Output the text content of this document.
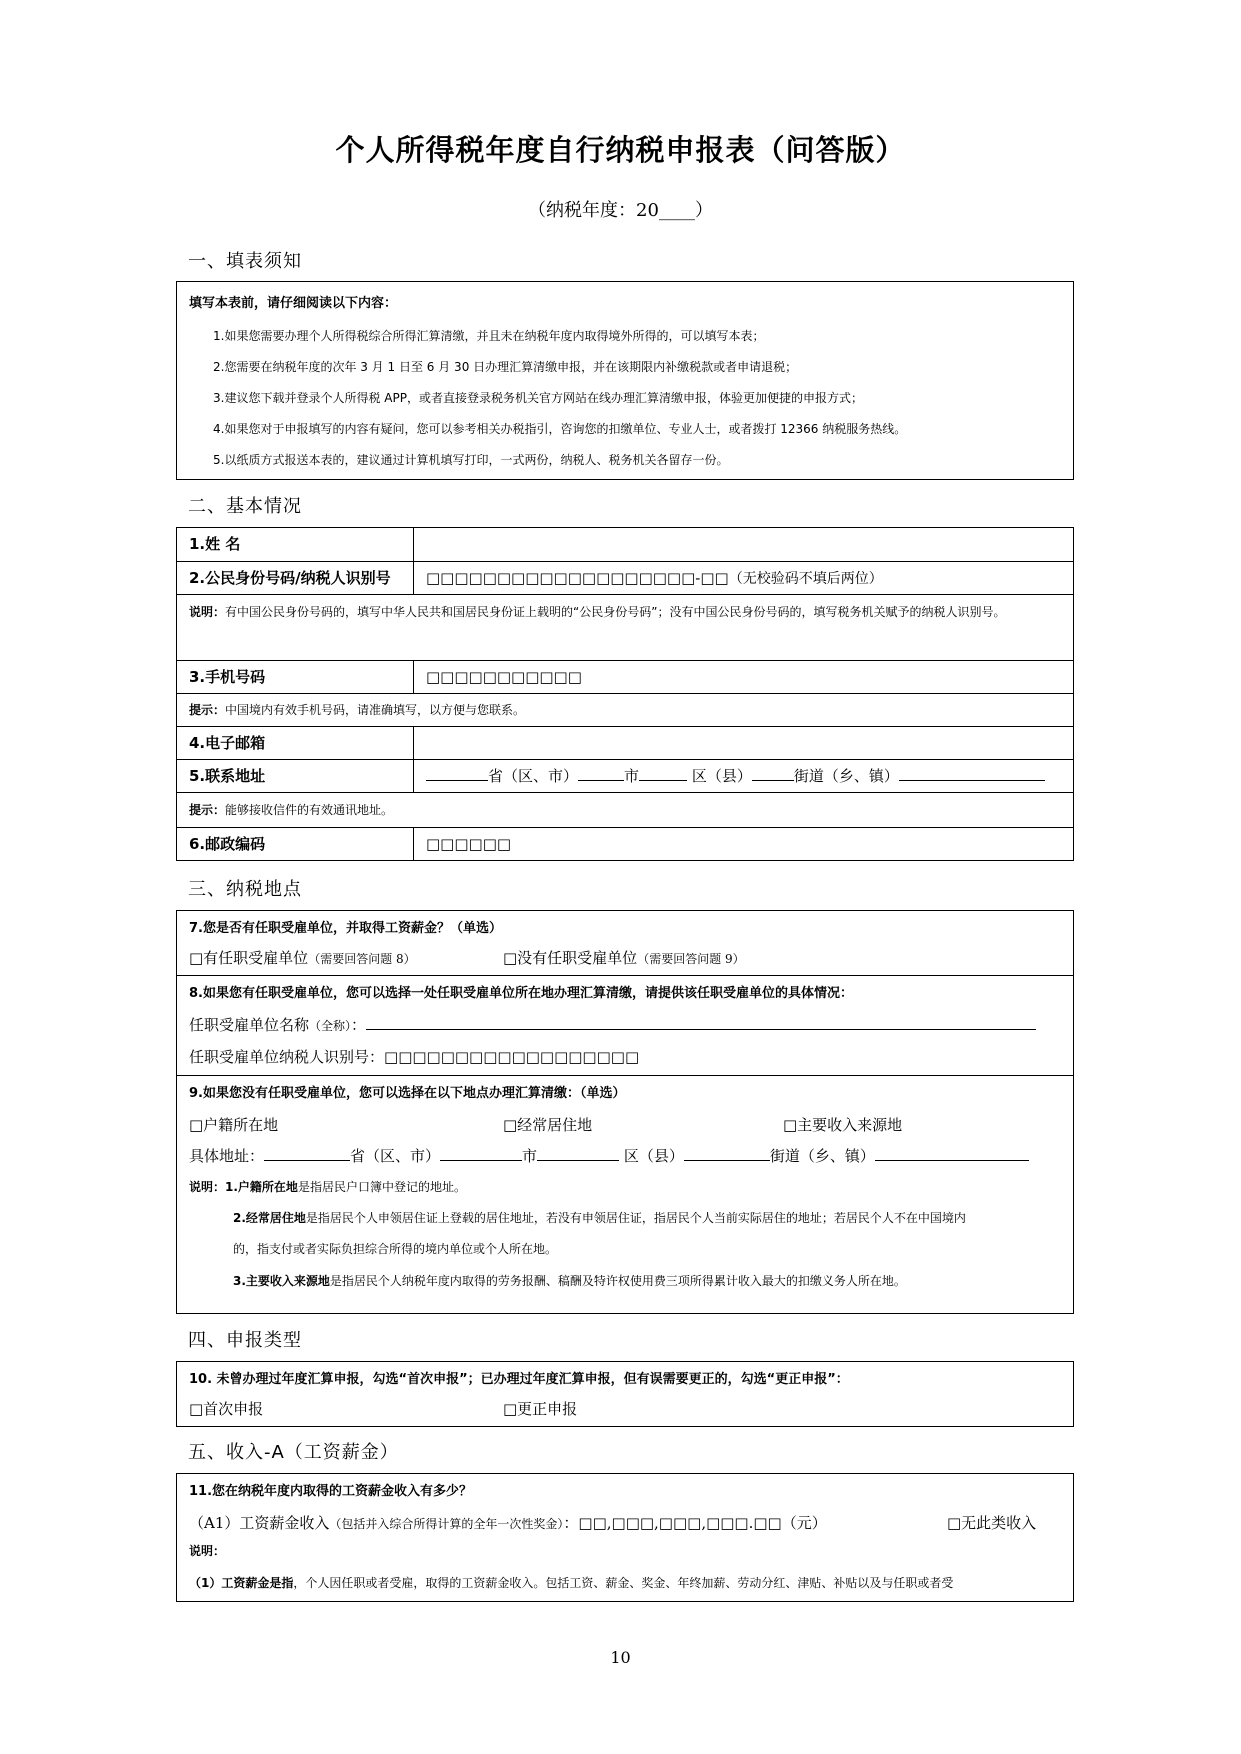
个人所得税年度自行纳税申报表（问答版）
（纳税年度：20____）
一、填表须知
填写本表前，请仔细阅读以下内容：
1.如果您需要办理个人所得税综合所得汇算清缴，并且未在纳税年度内取得境外所得的，可以填写本表；
2.您需要在纳税年度的次年 3 月 1 日至 6 月 30 日办理汇算清缴申报，并在该期限内补缴税款或者申请退税；
3.建议您下载并登录个人所得税 APP，或者直接登录税务机关官方网站在线办理汇算清缴申报，体验更加便捷的申报方式；
4.如果您对于申报填写的内容有疑问，您可以参考相关办税指引，咨询您的扣缴单位、专业人士，或者拨打 12366 纳税服务热线。
5.以纸质方式报送本表的，建议通过计算机填写打印，一式两份，纳税人、税务机关各留存一份。
二、基本情况
1.姓 名
2.公民身份号码/纳税人识别号 □□□□□□□□□□□□□□□□□□□-□□（无校验码不填后两位）
说明：有中国公民身份号码的，填写中华人民共和国居民身份证上载明的“公民身份号码”；没有中国公民身份号码的，填写税务机关赋予的纳税人识别号。
3.手机号码	□□□□□□□□□□□
提示：中国境内有效手机号码，请准确填写，以方便与您联系。
4.电子邮箱
5.联系地址	省（区、市）	市	区（县）	街道（乡、镇）
提示：能够接收信件的有效通讯地址。
6.邮政编码	□□□□□□
三、纳税地点
7.您是否有任职受雇单位，并取得工资薪金？（单选）
□有任职受雇单位（需要回答问题 8）	□没有任职受雇单位（需要回答问题 9）
8.如果您有任职受雇单位，您可以选择一处任职受雇单位所在地办理汇算清缴，请提供该任职受雇单位的具体情况：
任职受雇单位名称（全称）：
任职受雇单位纳税人识别号：□□□□□□□□□□□□□□□□□□
9.如果您没有任职受雇单位，您可以选择在以下地点办理汇算清缴：（单选）
□户籍所在地	□经常居住地	□主要收入来源地
具体地址：	省（区、市）	市	区（县）	街道（乡、镇）
说明：1.户籍所在地是指居民户口簿中登记的地址。
2.经常居住地是指居民个人申领居住证上登载的居住地址，若没有申领居住证，指居民个人当前实际居住的地址；若居民个人不在中国境内
的，指支付或者实际负担综合所得的境内单位或个人所在地。
3.主要收入来源地是指居民个人纳税年度内取得的劳务报酬、稿酬及特许权使用费三项所得累计收入最大的扣缴义务人所在地。
四、申报类型
10. 未曾办理过年度汇算申报，勾选“首次申报”；已办理过年度汇算申报，但有误需要更正的，勾选“更正申报”：
□首次申报	□更正申报
五、收入-A（工资薪金）
11.您在纳税年度内取得的工资薪金收入有多少？
（A1）工资薪金收入（包括并入综合所得计算的全年一次性奖金）：□□,□□□,□□□,□□□.□□（元）	□无此类收入
说明：
（1）工资薪金是指，个人因任职或者受雇，取得的工资薪金收入。包括工资、薪金、奖金、年终加薪、劳动分红、津贴、补贴以及与任职或者受
10
